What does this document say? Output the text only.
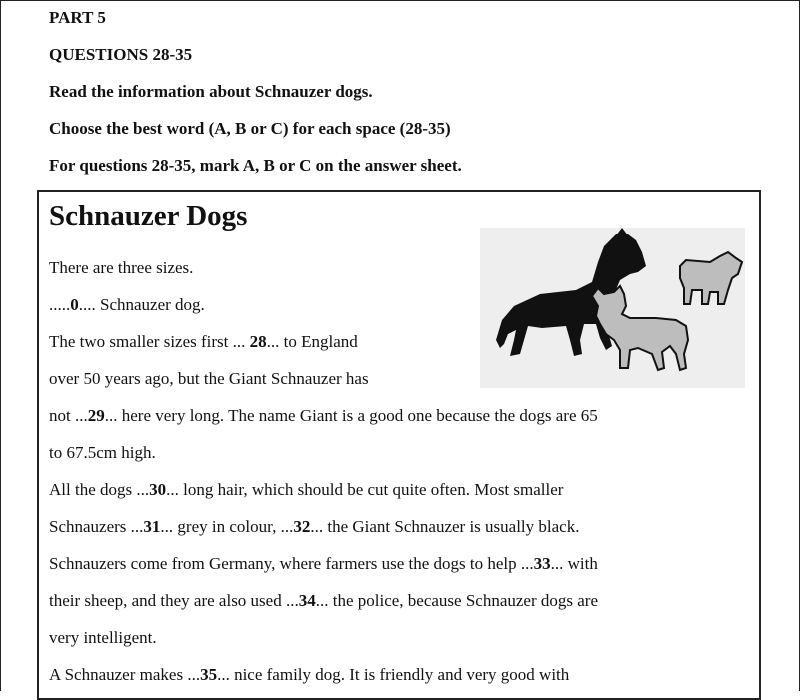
PART 5
QUESTIONS 28-35
Read the information about Schnauzer dogs.
Choose the best word (A, B or C) for each space (28-35)
For questions 28-35, mark A, B or C on the answer sheet.
Schnauzer Dogs
There are three sizes.
.....0.... Schnauzer dog.
The two smaller sizes first ... 28... to England
over 50 years ago, but the Giant Schnauzer has
not ...29... here very long. The name Giant is a good one because the dogs are 65
to 67.5cm high.
All the dogs ...30... long hair, which should be cut quite often. Most smaller
Schnauzers ...31... grey in colour, ...32... the Giant Schnauzer is usually black.
Schnauzers come from Germany, where farmers use the dogs to help ...33... with
their sheep, and they are also used ...34... the police, because Schnauzer dogs are
very intelligent.
A Schnauzer makes ...35... nice family dog. It is friendly and very good with
